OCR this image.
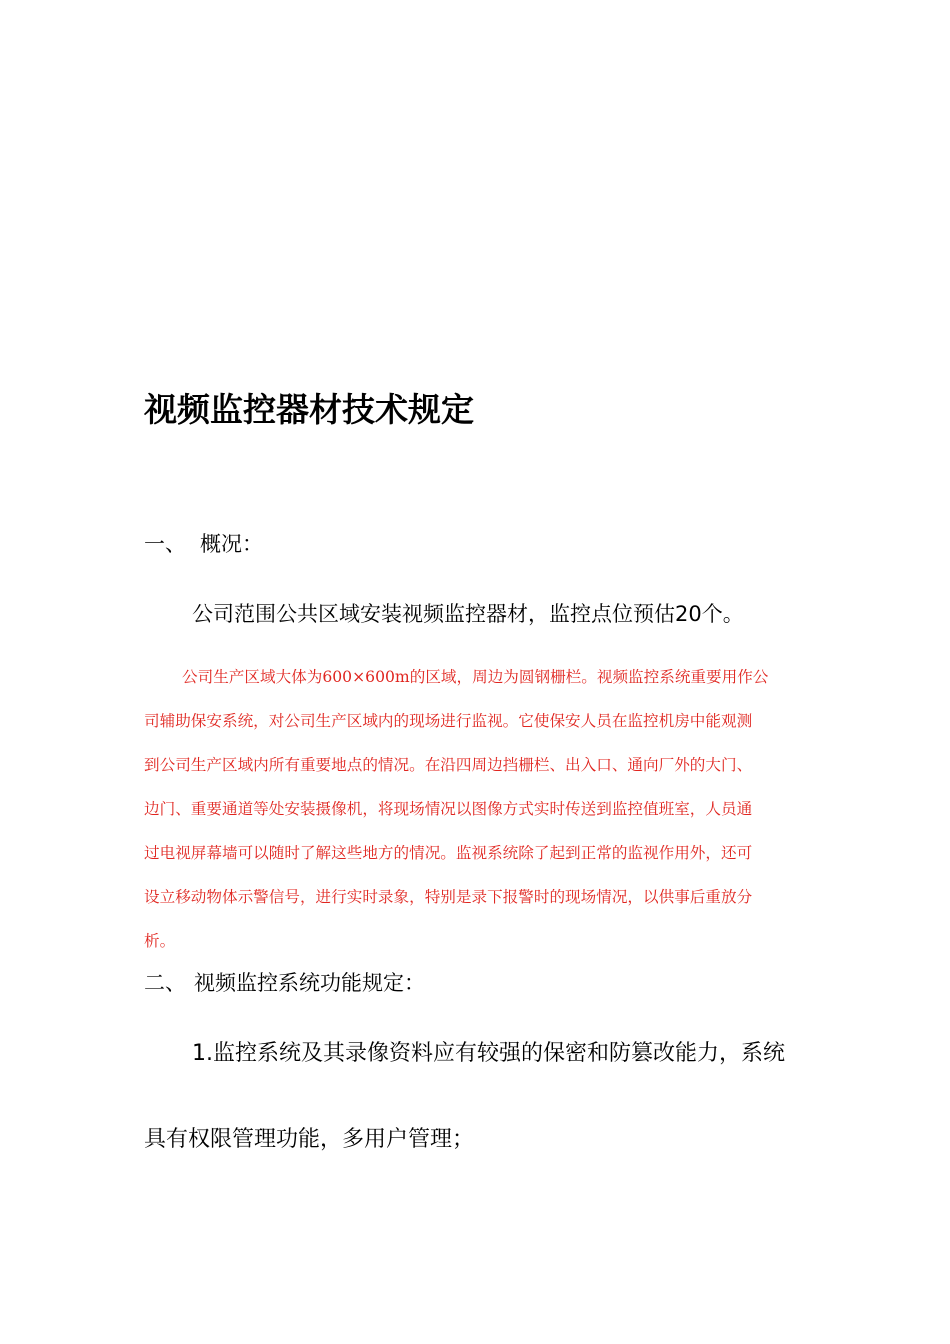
视频监控器材技术规定
一、 概况：
公司范围公共区域安装视频监控器材，监控点位预估20个。
公司生产区域大体为600×600m的区域，周边为圆钢栅栏。视频监控系统重要用作公
司辅助保安系统，对公司生产区域内的现场进行监视。它使保安人员在监控机房中能观测
到公司生产区域内所有重要地点的情况。在沿四周边挡栅栏、出入口、通向厂外的大门、
边门、重要通道等处安装摄像机，将现场情况以图像方式实时传送到监控值班室，人员通
过电视屏幕墙可以随时了解这些地方的情况。监视系统除了起到正常的监视作用外，还可
设立移动物体示警信号，进行实时录象，特别是录下报警时的现场情况，以供事后重放分
析。
二、 视频监控系统功能规定：
1.监控系统及其录像资料应有较强的保密和防篡改能力，系统
具有权限管理功能，多用户管理；
